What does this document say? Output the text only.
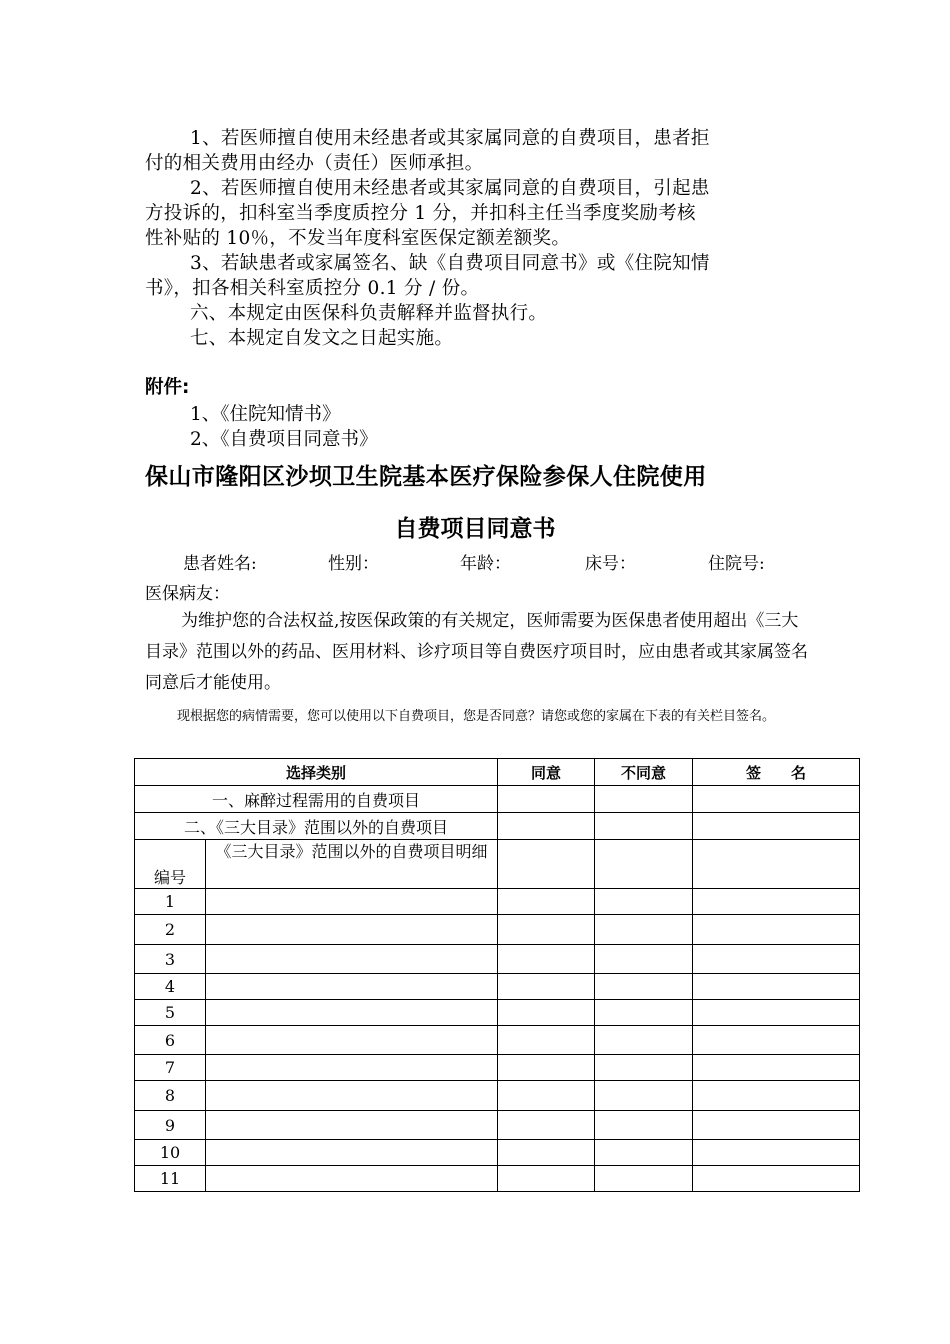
1、若医师擅自使用未经患者或其家属同意的自费项目，患者拒
付的相关费用由经办（责任）医师承担。
2、若医师擅自使用未经患者或其家属同意的自费项目，引起患
方投诉的，扣科室当季度质控分 1 分，并扣科主任当季度奖励考核
性补贴的 10％，不发当年度科室医保定额差额奖。
3、若缺患者或家属签名、缺《自费项目同意书》或《住院知情
书》，扣各相关科室质控分 0.1 分 / 份。
六、本规定由医保科负责解释并监督执行。
七、本规定自发文之日起实施。
附件:
1、《住院知情书》
2、《自费项目同意书》
保山市隆阳区沙坝卫生院基本医疗保险参保人住院使用
自费项目同意书
患者姓名:	性别：	年龄：	床号：	住院号:
医保病友：
为维护您的合法权益,按医保政策的有关规定，医师需要为医保患者使用超出《三大目录》范围以外的药品、医用材料、诊疗项目等自费医疗项目时，应由患者或其家属签名同意后才能使用。
现根据您的病情需要，您可以使用以下自费项目，您是否同意？请您或您的家属在下表的有关栏目签名。
选择类别		同意	不同意	签　　名
一、麻醉过程需用的自费项目				
二、《三大目录》范围以外的自费项目				
编号	《三大目录》范围以外的自费项目明细			
1				
2				
3				
4				
5				
6				
7				
8				
9				
10				
11				
